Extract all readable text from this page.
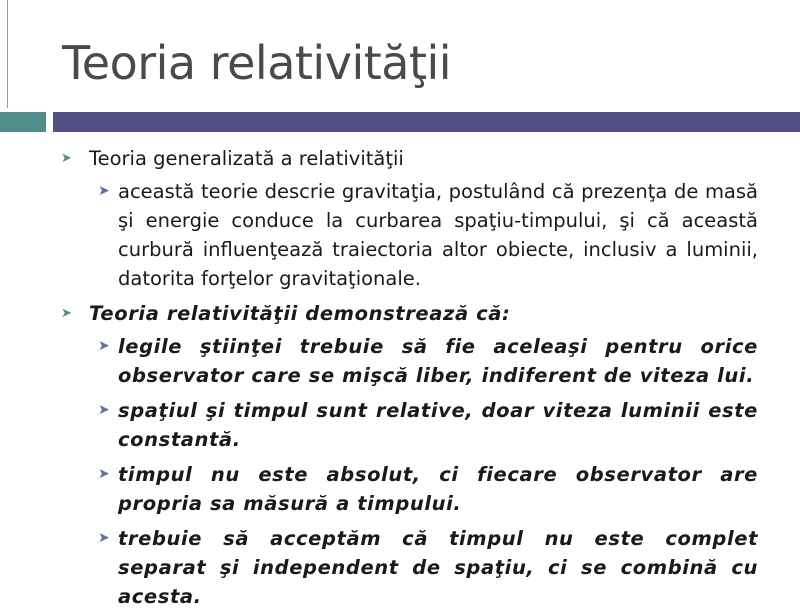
Teoria relativităţii
➤ Teoria generalizată a relativităţii
➤ această teorie descrie gravitaţia, postulând că prezenţa de masă şi energie conduce la curbarea spaţiu-timpului, şi că această curbură influenţează traiectoria altor obiecte, inclusiv a luminii, datorita forţelor gravitaţionale.
➤ Teoria relativităţii demonstrează că:
➤ legile ştiinţei trebuie să fie aceleaşi pentru orice observator care se mişcă liber, indiferent de viteza lui.
➤ spaţiul şi timpul sunt relative, doar viteza luminii este constantă.
➤ timpul nu este absolut, ci fiecare observator are propria sa măsură a timpului.
➤ trebuie să acceptăm că timpul nu este complet separat şi independent de spaţiu, ci se combină cu acesta.
